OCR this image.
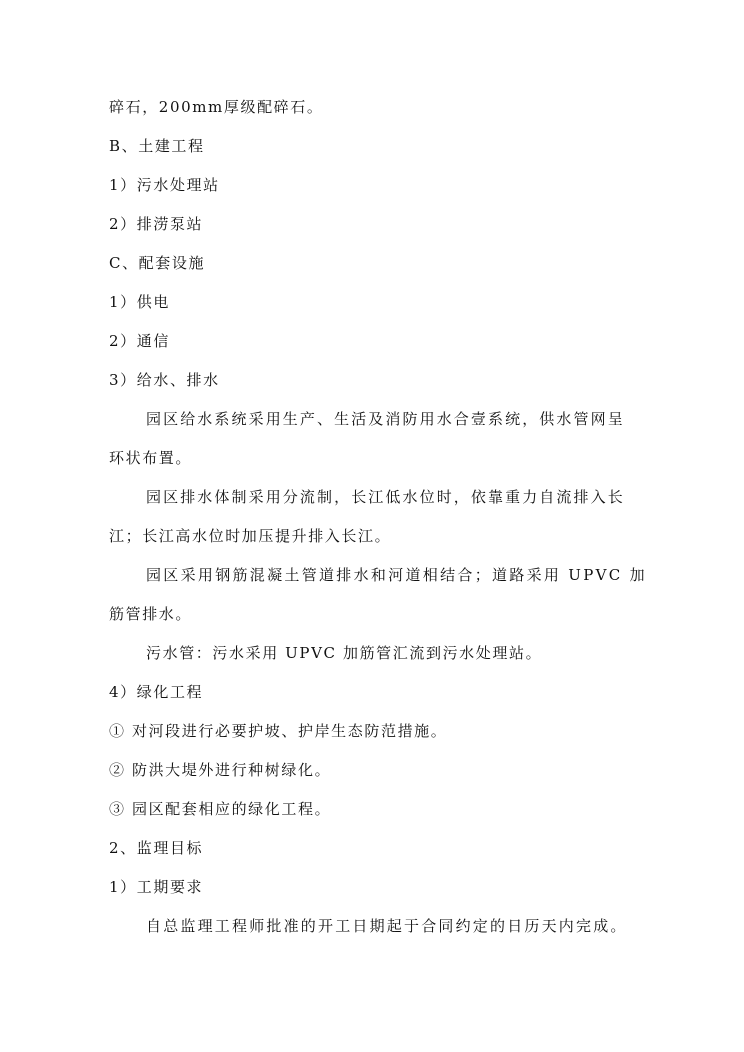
碎石，200mm厚级配碎石。
B、土建工程
1）污水处理站
2）排涝泵站
C、配套设施
1）供电
2）通信
3）给水、排水
园区给水系统采用生产、生活及消防用水合壹系统，供水管网呈
环状布置。
园区排水体制采用分流制，长江低水位时，依靠重力自流排入长
江；长江高水位时加压提升排入长江。
园区采用钢筋混凝土管道排水和河道相结合；道路采用 UPVC 加
筋管排水。
污水管：污水采用 UPVC 加筋管汇流到污水处理站。
4）绿化工程
① 对河段进行必要护坡、护岸生态防范措施。
② 防洪大堤外进行种树绿化。
③ 园区配套相应的绿化工程。
2、监理目标
1）工期要求
自总监理工程师批准的开工日期起于合同约定的日历天内完成。
